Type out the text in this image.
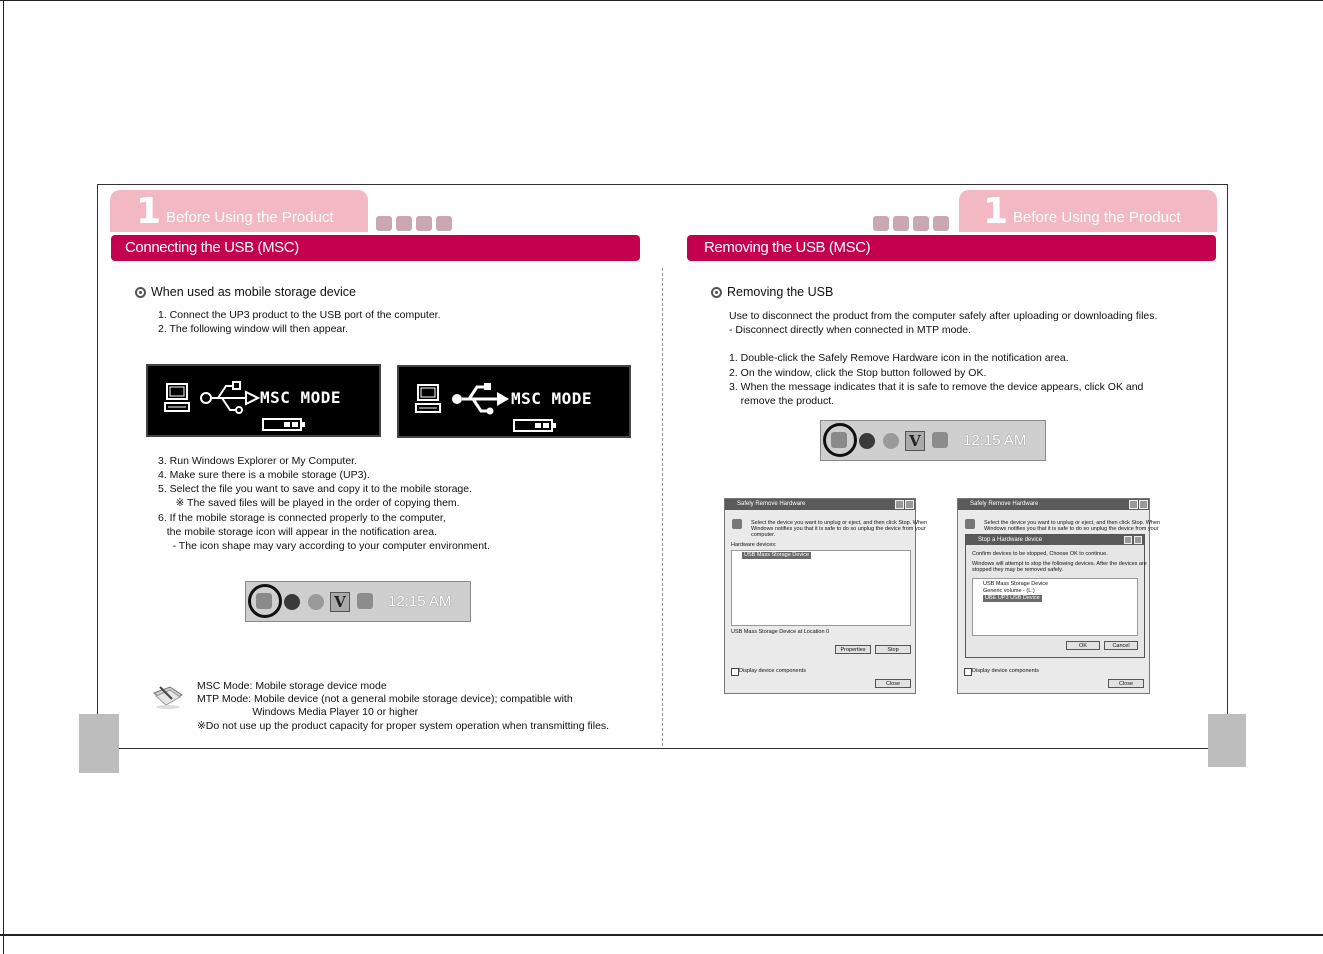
1 Before Using the Product	1 Before Using the Product
Connecting the USB (MSC)	Removing the USB (MSC)
When used as mobile storage device
1. Connect the UP3 product to the USB port of the computer.
2. The following window will then appear.
MSC MODE	MSC MODE
3. Run Windows Explorer or My Computer.
4. Make sure there is a mobile storage (UP3).
5. Select the file you want to save and copy it to the mobile storage.
※ The saved files will be played in the order of copying them.
6. If the mobile storage is connected properly to the computer,
the mobile storage icon will appear in the notification area.
- The icon shape may vary according to your computer environment.
V	12:15 AM
MSC Mode: Mobile storage device mode
MTP Mode: Mobile device (not a general mobile storage device); compatible with
Windows Media Player 10 or higher
※Do not use up the product capacity for proper system operation when transmitting files.
Removing the USB
Use to disconnect the product from the computer safely after uploading or downloading files.
- Disconnect directly when connected in MTP mode.
1. Double-click the Safely Remove Hardware icon in the notification area.
2. On the window, click the Stop button followed by OK.
3. When the message indicates that it is safe to remove the device appears, click OK and
remove the product.
V	12:15 AM
Safely Remove Hardware
Select the device you want to unplug or eject, and then click Stop. When
Windows notifies you that it is safe to do so unplug the device from your
computer.
Hardware devices:
USB Mass Storage Device
USB Mass Storage Device at Location 0
Properties	Stop
Display device components
Close
Safely Remove Hardware
Select the device you want to unplug or eject, and then click Stop. When
Windows notifies you that it is safe to do so unplug the device from your
Stop a Hardware device
Confirm devices to be stopped, Choose OK to continue.
Windows will attempt to stop the following devices. After the devices are
stopped they may be removed safely.
USB Mass Storage Device
Generic volume - (L:)
UBE UP3 USB Device
OK	Cancel
Display device components
Close
